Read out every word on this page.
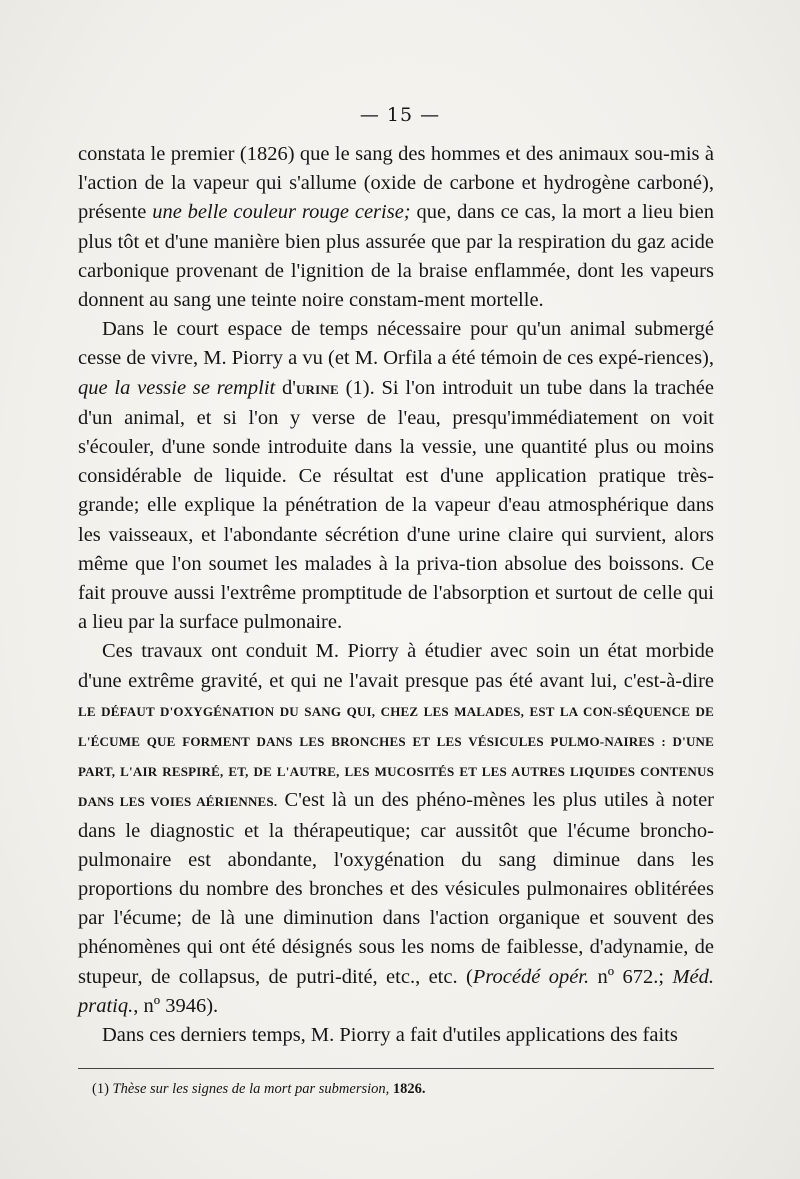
— 15 —

constata le premier (1826) que le sang des hommes et des animaux sou-mis à l'action de la vapeur qui s'allume (oxide de carbone et hydrogène carboné), présente une belle couleur rouge cerise; que, dans ce cas, la mort a lieu bien plus tôt et d'une manière bien plus assurée que par la respiration du gaz acide carbonique provenant de l'ignition de la braise enflammée, dont les vapeurs donnent au sang une teinte noire constam-ment mortelle.

Dans le court espace de temps nécessaire pour qu'un animal submergé cesse de vivre, M. Piorry a vu (et M. Orfila a été témoin de ces expé-riences), que la vessie se remplit d'URINE (1). Si l'on introduit un tube dans la trachée d'un animal, et si l'on y verse de l'eau, presqu'immédiatement on voit s'écouler, d'une sonde introduite dans la vessie, une quantité plus ou moins considérable de liquide. Ce résultat est d'une application pratique très-grande; elle explique la pénétration de la vapeur d'eau atmosphérique dans les vaisseaux, et l'abondante sécrétion d'une urine claire qui survient, alors même que l'on soumet les malades à la priva-tion absolue des boissons. Ce fait prouve aussi l'extrême promptitude de l'absorption et surtout de celle qui a lieu par la surface pulmonaire.

Ces travaux ont conduit M. Piorry à étudier avec soin un état morbide d'une extrême gravité, et qui ne l'avait presque pas été avant lui, c'est-à-dire LE DÉFAUT D'OXYGÉNATION DU SANG QUI, CHEZ LES MALADES, EST LA CON-SÉQUENCE DE L'ÉCUME QUE FORMENT DANS LES BRONCHES ET LES VÉSICULES PULMO-NAIRES : D'UNE PART, L'AIR RESPIRÉ, ET, DE L'AUTRE, LES MUCOSITÉS ET LES AUTRES LIQUIDES CONTENUS DANS LES VOIES AÉRIENNES. C'est là un des phéno-mènes les plus utiles à noter dans le diagnostic et la thérapeutique; car aussitôt que l'écume broncho-pulmonaire est abondante, l'oxygénation du sang diminue dans les proportions du nombre des bronches et des vésicules pulmonaires oblitérées par l'écume; de là une diminution dans l'action organique et souvent des phénomènes qui ont été désignés sous les noms de faiblesse, d'adynamie, de stupeur, de collapsus, de putri-dité, etc., etc. (Procédé opér. nº 672.; Méd. pratiq., nº 3946).

Dans ces derniers temps, M. Piorry a fait d'utiles applications des faits

(1) Thèse sur les signes de la mort par submersion, 1826.
